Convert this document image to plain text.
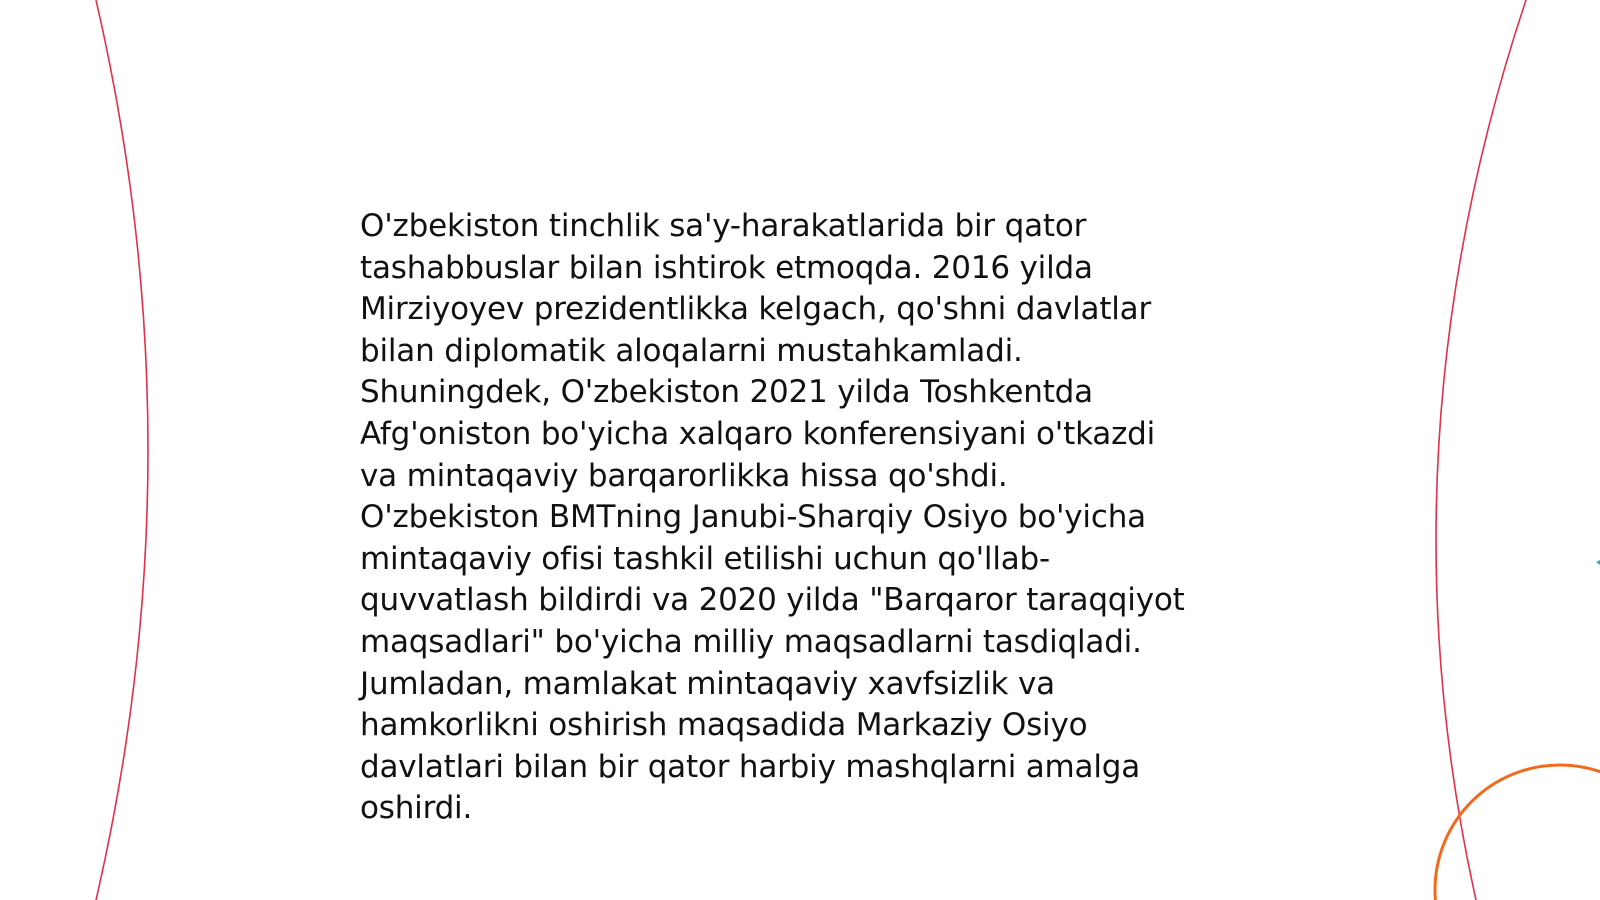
O'zbekiston tinchlik sa'y-harakatlarida bir qator
tashabbuslar bilan ishtirok etmoqda. 2016 yilda
Mirziyoyev prezidentlikka kelgach, qo'shni davlatlar
bilan diplomatik aloqalarni mustahkamladi.
Shuningdek, O'zbekiston 2021 yilda Toshkentda
Afg'oniston bo'yicha xalqaro konferensiyani o'tkazdi
va mintaqaviy barqarorlikka hissa qo'shdi.
O'zbekiston BMTning Janubi-Sharqiy Osiyo bo'yicha
mintaqaviy ofisi tashkil etilishi uchun qo'llab-
quvvatlash bildirdi va 2020 yilda "Barqaror taraqqiyot
maqsadlari" bo'yicha milliy maqsadlarni tasdiqladi.
Jumladan, mamlakat mintaqaviy xavfsizlik va
hamkorlikni oshirish maqsadida Markaziy Osiyo
davlatlari bilan bir qator harbiy mashqlarni amalga
oshirdi.
